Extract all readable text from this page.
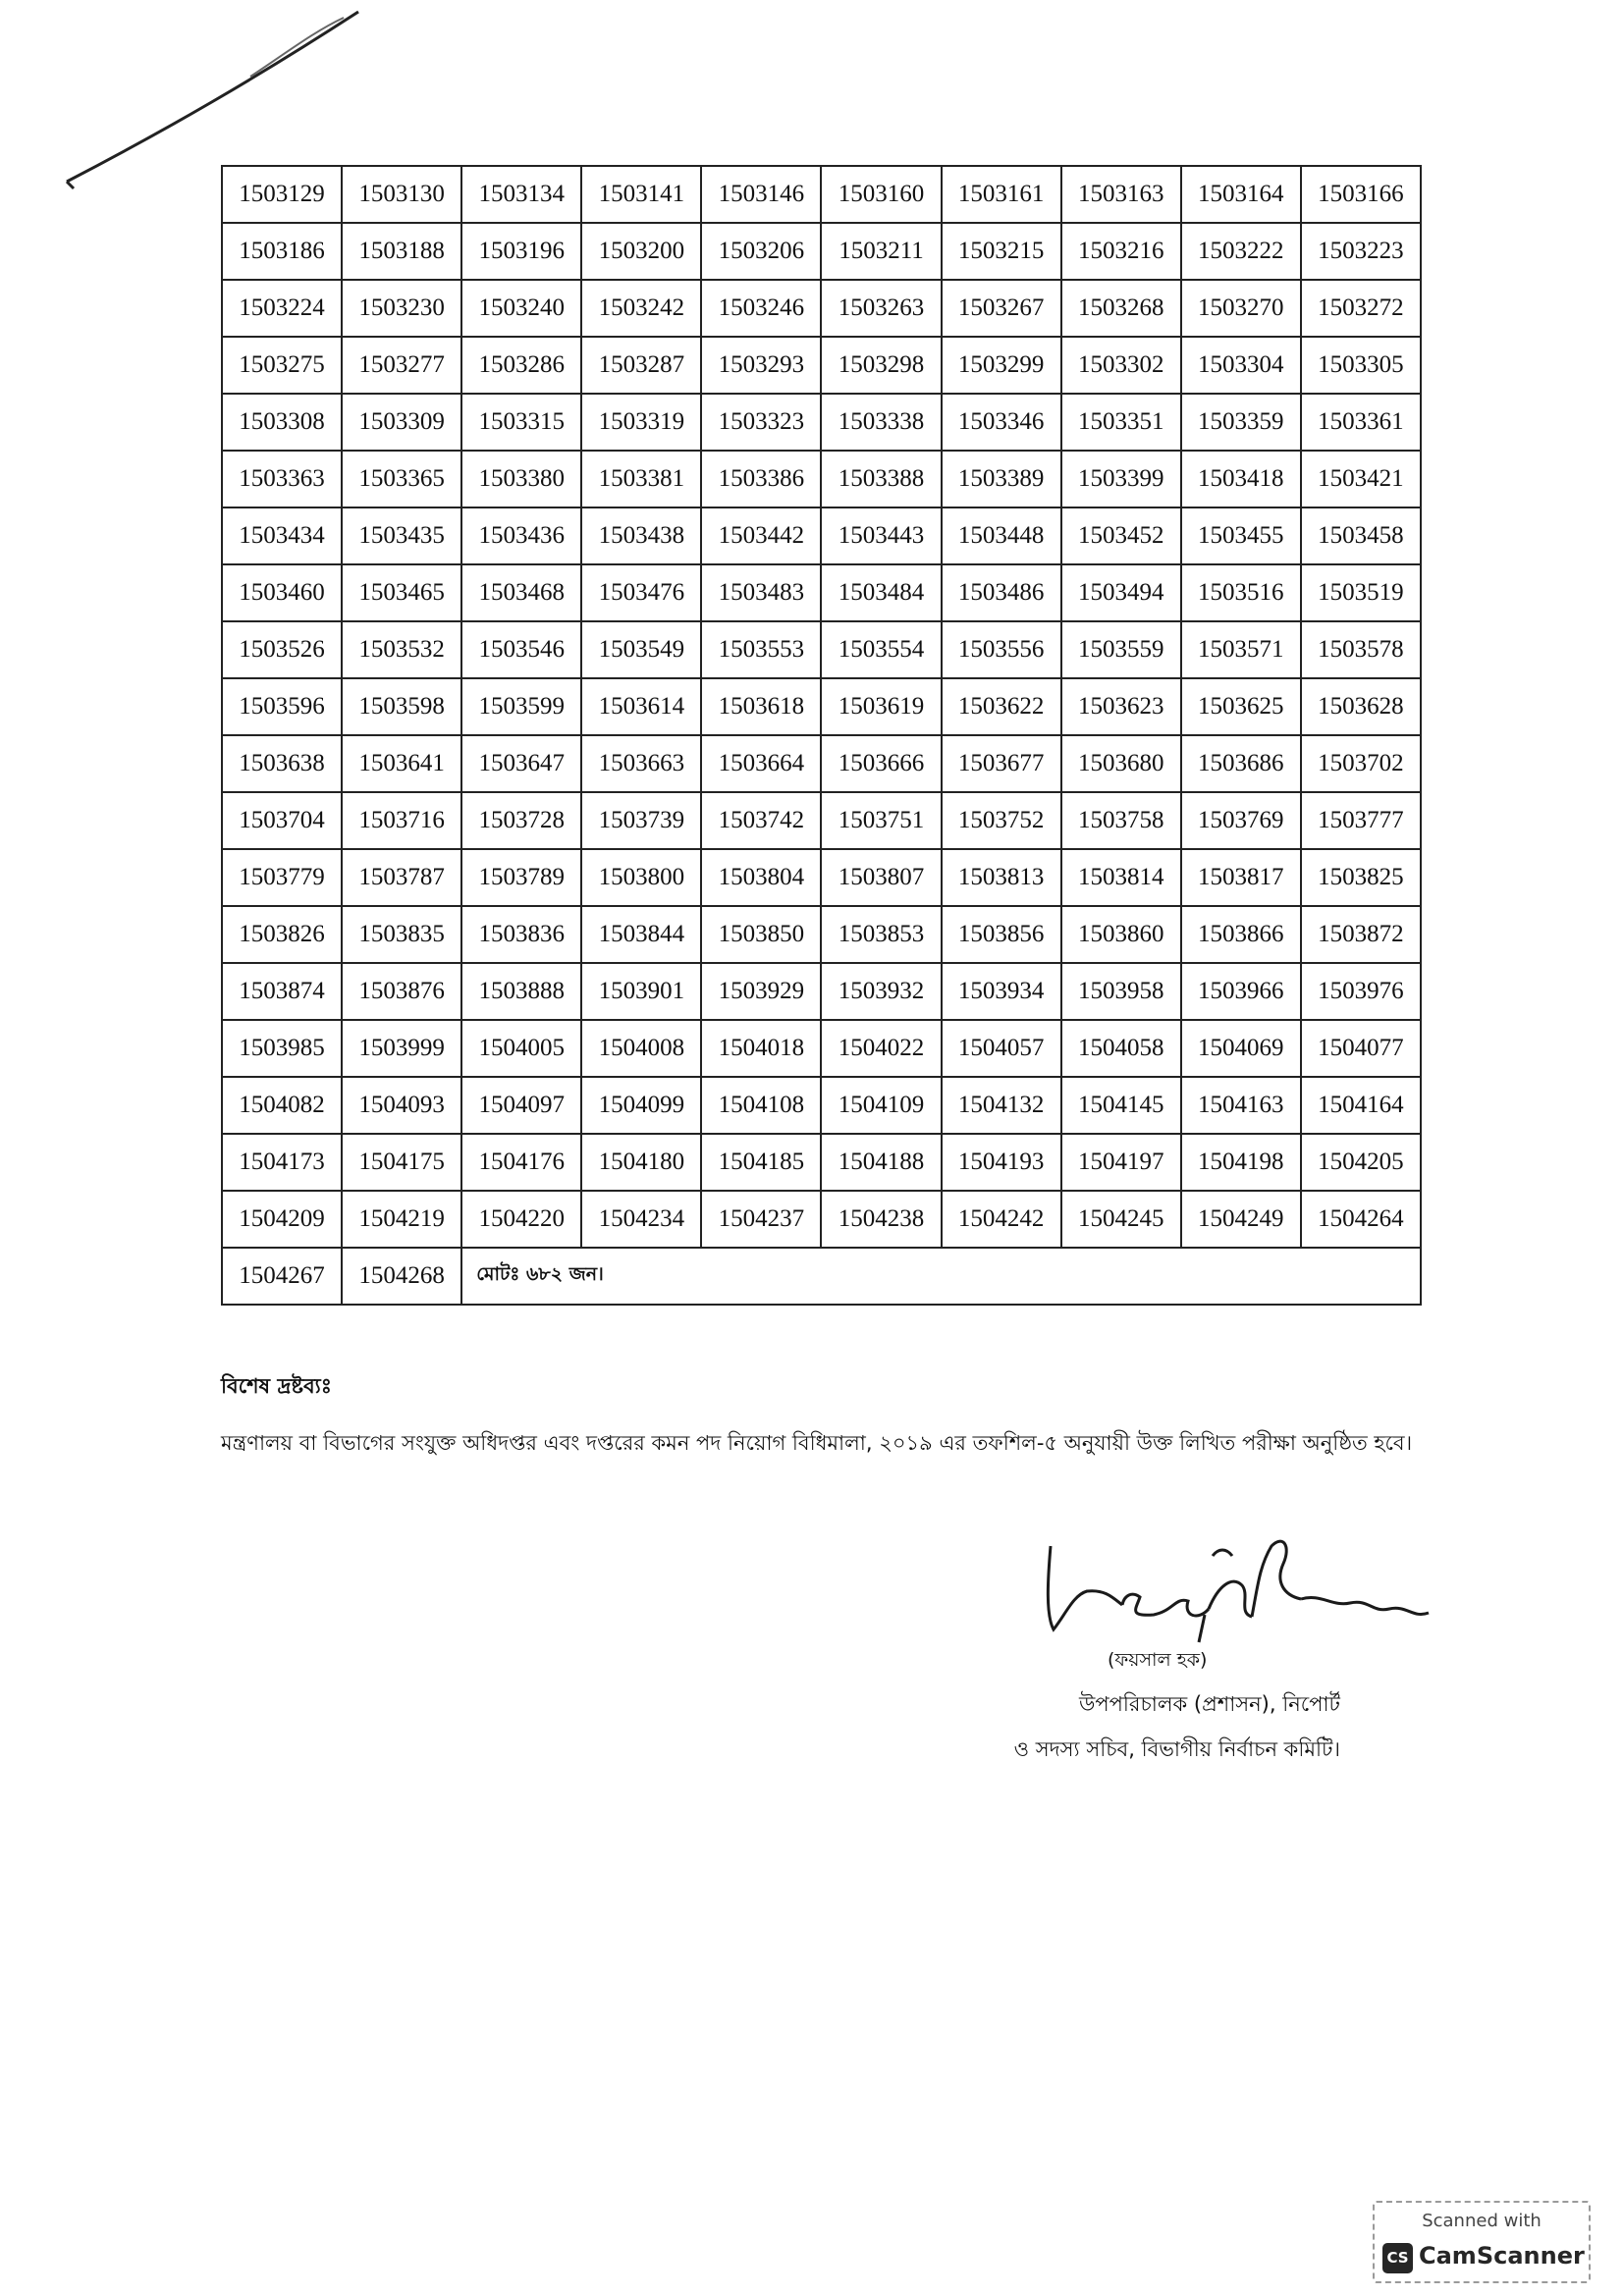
1503129	1503130	1503134	1503141	1503146	1503160	1503161	1503163	1503164	1503166
1503186	1503188	1503196	1503200	1503206	1503211	1503215	1503216	1503222	1503223
1503224	1503230	1503240	1503242	1503246	1503263	1503267	1503268	1503270	1503272
1503275	1503277	1503286	1503287	1503293	1503298	1503299	1503302	1503304	1503305
1503308	1503309	1503315	1503319	1503323	1503338	1503346	1503351	1503359	1503361
1503363	1503365	1503380	1503381	1503386	1503388	1503389	1503399	1503418	1503421
1503434	1503435	1503436	1503438	1503442	1503443	1503448	1503452	1503455	1503458
1503460	1503465	1503468	1503476	1503483	1503484	1503486	1503494	1503516	1503519
1503526	1503532	1503546	1503549	1503553	1503554	1503556	1503559	1503571	1503578
1503596	1503598	1503599	1503614	1503618	1503619	1503622	1503623	1503625	1503628
1503638	1503641	1503647	1503663	1503664	1503666	1503677	1503680	1503686	1503702
1503704	1503716	1503728	1503739	1503742	1503751	1503752	1503758	1503769	1503777
1503779	1503787	1503789	1503800	1503804	1503807	1503813	1503814	1503817	1503825
1503826	1503835	1503836	1503844	1503850	1503853	1503856	1503860	1503866	1503872
1503874	1503876	1503888	1503901	1503929	1503932	1503934	1503958	1503966	1503976
1503985	1503999	1504005	1504008	1504018	1504022	1504057	1504058	1504069	1504077
1504082	1504093	1504097	1504099	1504108	1504109	1504132	1504145	1504163	1504164
1504173	1504175	1504176	1504180	1504185	1504188	1504193	1504197	1504198	1504205
1504209	1504219	1504220	1504234	1504237	1504238	1504242	1504245	1504249	1504264
1504267	1504268	মোটঃ ৬৮২ জন।							
বিশেষ দ্রষ্টব্যঃ
মন্ত্রণালয় বা বিভাগের সংযুক্ত অধিদপ্তর এবং দপ্তরের কমন পদ নিয়োগ বিধিমালা, ২০১৯ এর তফশিল-৫ অনুযায়ী উক্ত লিখিত পরীক্ষা অনুষ্ঠিত হবে।
(ফয়সাল হক)
উপপরিচালক (প্রশাসন), নিপোর্ট
ও সদস্য সচিব, বিভাগীয় নির্বাচন কমিটি।
Scanned with
CS CamScanner
